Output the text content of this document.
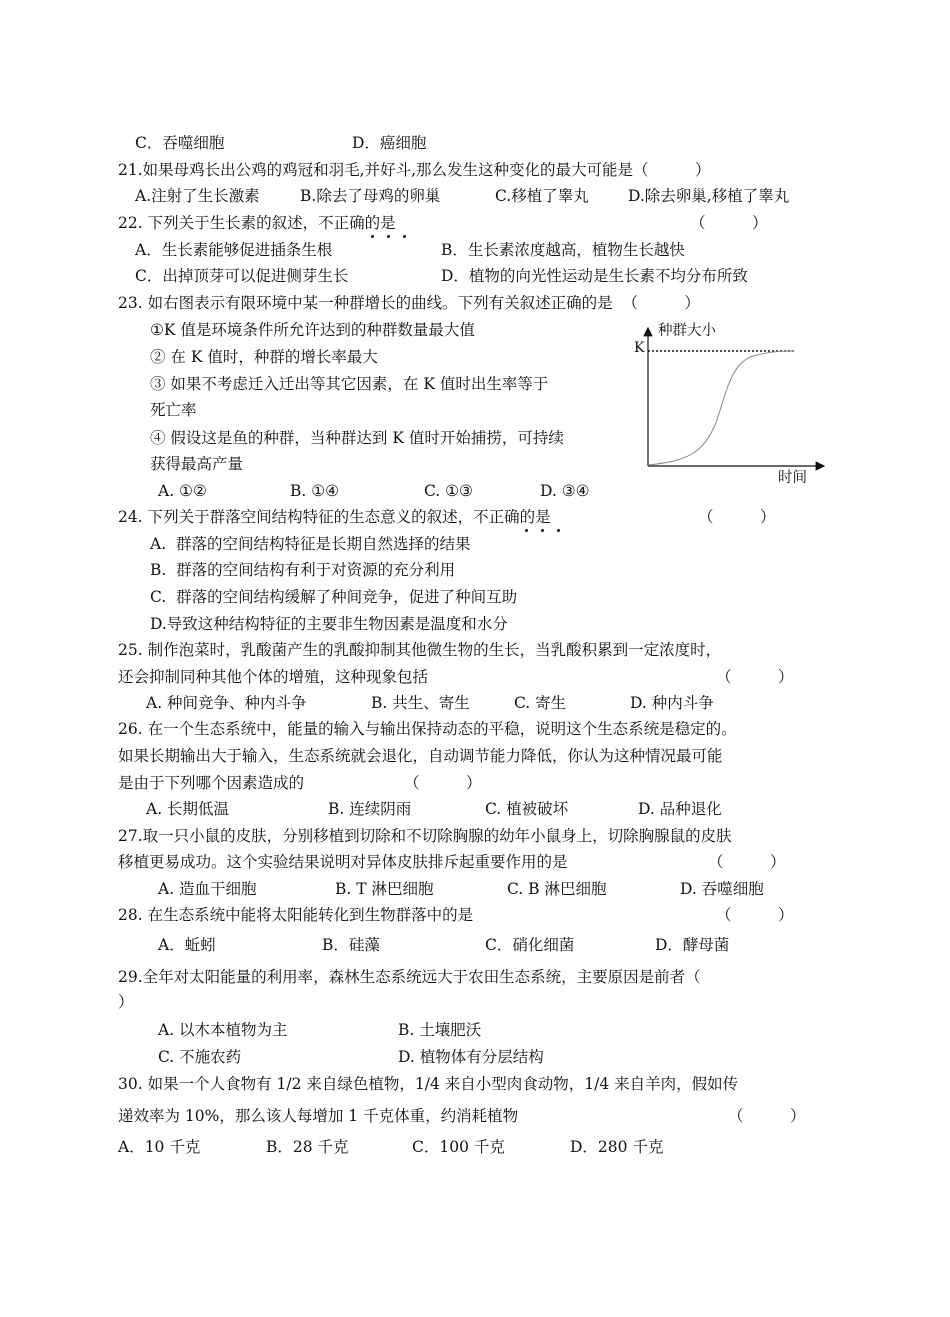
C．吞噬细胞	D．癌细胞
21.如果母鸡长出公鸡的鸡冠和羽毛,并好斗,那么发生这种变化的最大可能是（　　　）
A.注射了生长激素	B.除去了母鸡的卵巢	C.移植了睾丸	D.除去卵巢,移植了睾丸
22. 下列关于生长素的叙述，不正确的是	（　　　）
A．生长素能够促进插条生根	B．生长素浓度越高，植物生长越快
C．出掉顶芽可以促进侧芽生长	D．植物的向光性运动是生长素不均分布所致
23. 如右图表示有限环境中某一种群增长的曲线。下列有关叙述正确的是  （　　　）
①K 值是环境条件所允许达到的种群数量最大值
② 在 K 值时，种群的增长率最大
③ 如果不考虑迁入迁出等其它因素，在 K 值时出生率等于
死亡率
④ 假设这是鱼的种群，当种群达到 K 值时开始捕捞，可持续
获得最高产量
A. ①②	B. ①④	C. ①③	D. ③④
种群大小
K
时间
24. 下列关于群落空间结构特征的生态意义的叙述，不正确的是	（　　　）
A.  群落的空间结构特征是长期自然选择的结果
B.  群落的空间结构有利于对资源的充分利用
C.  群落的空间结构缓解了种间竞争，促进了种间互助
D.导致这种结构特征的主要非生物因素是温度和水分
25. 制作泡菜时，乳酸菌产生的乳酸抑制其他微生物的生长，当乳酸积累到一定浓度时，
还会抑制同种其他个体的增殖，这种现象包括	（　　　）
A. 种间竞争、种内斗争	B. 共生、寄生	C. 寄生	D. 种内斗争
26. 在一个生态系统中，能量的输入与输出保持动态的平稳，说明这个生态系统是稳定的。
如果长期输出大于输入，生态系统就会退化，自动调节能力降低，你认为这种情况最可能
是由于下列哪个因素造成的	（　　　）
A. 长期低温	B. 连续阴雨	C. 植被破坏	D. 品种退化
27.取一只小鼠的皮肤，分别移植到切除和不切除胸腺的幼年小鼠身上，切除胸腺鼠的皮肤
移植更易成功。这个实验结果说明对异体皮肤排斥起重要作用的是	（　　　）
A. 造血干细胞	B. T 淋巴细胞	C. B 淋巴细胞	D. 吞噬细胞
28. 在生态系统中能将太阳能转化到生物群落中的是	（　　　）
A．蚯蚓	B．硅藻	C．硝化细菌	D．酵母菌
29.全年对太阳能量的利用率，森林生态系统远大于农田生态系统，主要原因是前者（
）
A. 以木本植物为主	B. 土壤肥沃
C. 不施农药	D. 植物体有分层结构
30. 如果一个人食物有 1/2 来自绿色植物，1/4 来自小型肉食动物，1/4 来自羊肉，假如传
递效率为 10%，那么该人每增加 1 千克体重，约消耗植物	（　　　）
A．10 千克	B．28 千克	C．100 千克	D．280 千克
